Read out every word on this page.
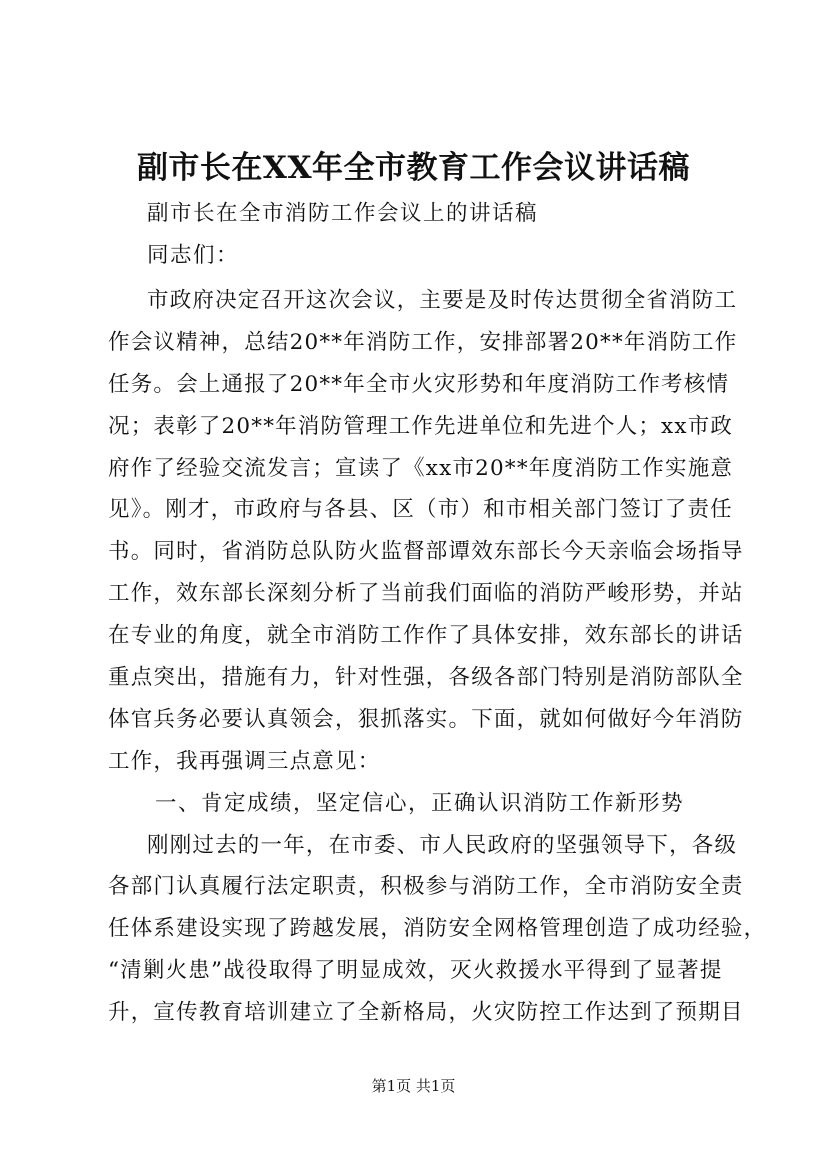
副市长在XX年全市教育工作会议讲话稿
副市长在全市消防工作会议上的讲话稿
同志们：
市政府决定召开这次会议，主要是及时传达贯彻全省消防工
作会议精神，总结20**年消防工作，安排部署20**年消防工作
任务。会上通报了20**年全市火灾形势和年度消防工作考核情
况；表彰了20**年消防管理工作先进单位和先进个人；xx市政
府作了经验交流发言；宣读了《xx市20**年度消防工作实施意
见》。刚才，市政府与各县、区（市）和市相关部门签订了责任
书。同时，省消防总队防火监督部谭效东部长今天亲临会场指导
工作，效东部长深刻分析了当前我们面临的消防严峻形势，并站
在专业的角度，就全市消防工作作了具体安排，效东部长的讲话
重点突出，措施有力，针对性强，各级各部门特别是消防部队全
体官兵务必要认真领会，狠抓落实。下面，就如何做好今年消防
工作，我再强调三点意见：
一、肯定成绩，坚定信心，正确认识消防工作新形势
刚刚过去的一年，在市委、市人民政府的坚强领导下，各级
各部门认真履行法定职责，积极参与消防工作，全市消防安全责
任体系建设实现了跨越发展，消防安全网格管理创造了成功经验，
“清剿火患”战役取得了明显成效，灭火救援水平得到了显著提
升，宣传教育培训建立了全新格局，火灾防控工作达到了预期目
第1页 共1页
